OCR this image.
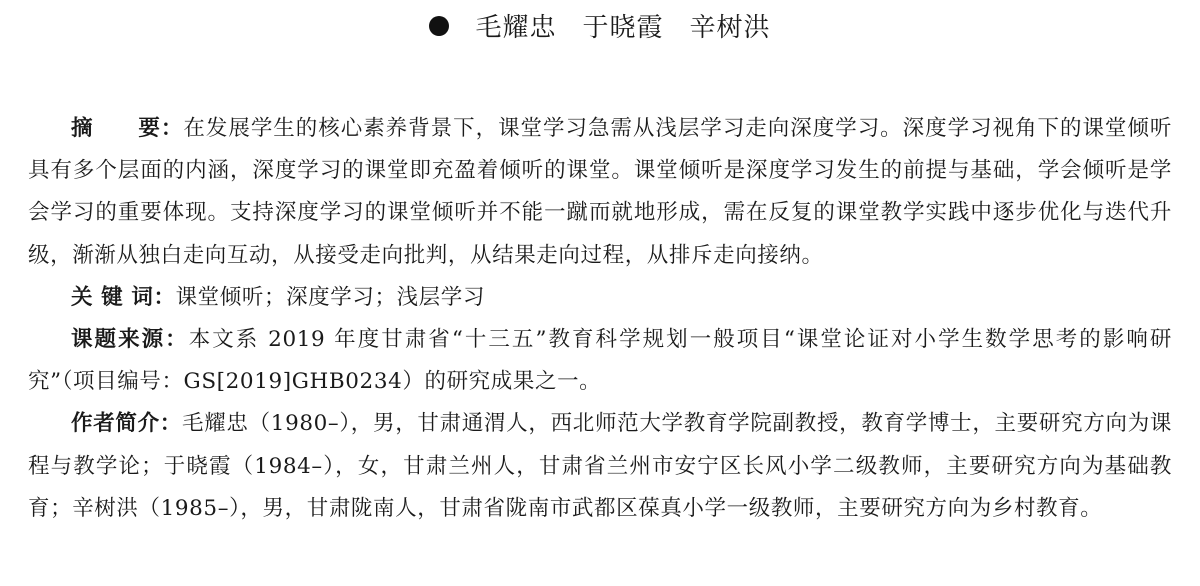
毛耀忠 于晓霞 辛树洪

摘　　要：在发展学生的核心素养背景下，课堂学习急需从浅层学习走向深度学习。深度学习视角下的课堂倾听具有多个层面的内涵，深度学习的课堂即充盈着倾听的课堂。课堂倾听是深度学习发生的前提与基础，学会倾听是学会学习的重要体现。支持深度学习的课堂倾听并不能一蹴而就地形成，需在反复的课堂教学实践中逐步优化与迭代升级，渐渐从独白走向互动，从接受走向批判，从结果走向过程，从排斥走向接纳。

关 键 词：课堂倾听；深度学习；浅层学习

课题来源：本文系 2019 年度甘肃省“十三五”教育科学规划一般项目“课堂论证对小学生数学思考的影响研究”（项目编号：GS[2019]GHB0234）的研究成果之一。

作者简介：毛耀忠（1980–），男，甘肃通渭人，西北师范大学教育学院副教授，教育学博士，主要研究方向为课程与教学论；于晓霞（1984–），女，甘肃兰州人，甘肃省兰州市安宁区长风小学二级教师，主要研究方向为基础教育；辛树洪（1985–），男，甘肃陇南人，甘肃省陇南市武都区葆真小学一级教师，主要研究方向为乡村教育。
